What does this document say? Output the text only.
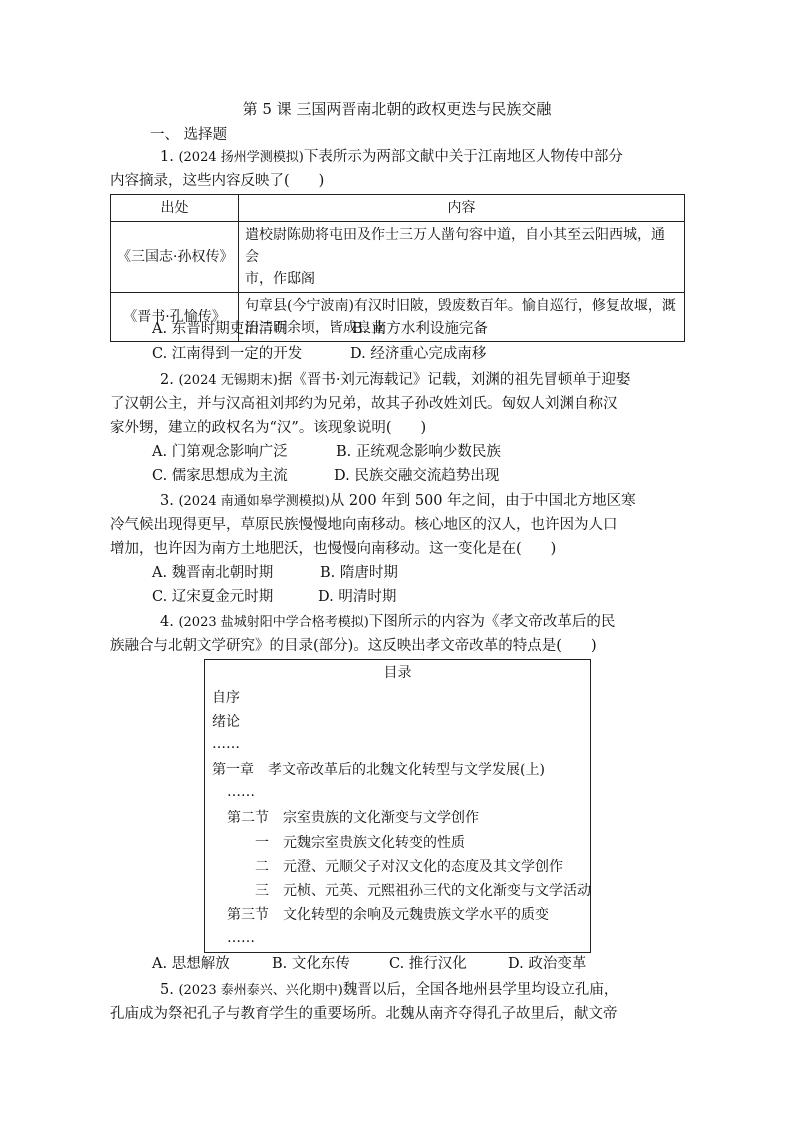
第 5 课 三国两晋南北朝的政权更迭与民族交融
一、 选择题
1. (2024 扬州学测模拟)下表所示为两部文献中关于江南地区人物传中部分
内容摘录，这些内容反映了(　　)
出处	内容
《三国志·孙权传》	遣校尉陈勋将屯田及作士三万人凿句容中道，自小其至云阳西城，通会
市，作邸阁

《晋书·孔愉传》	句章县(今宁波南)有汉时旧陂，毁废数百年。愉自巡行，修复故堰，溉
田二百余顷，皆成良业
A. 东晋时期吏治清明	B. 南方水利设施完备
C. 江南得到一定的开发	D. 经济重心完成南移
2. (2024 无锡期末)据《晋书·刘元海载记》记载，刘渊的祖先冒顿单于迎娶
了汉朝公主，并与汉高祖刘邦约为兄弟，故其子孙改姓刘氏。匈奴人刘渊自称汉
家外甥，建立的政权名为“汉”。该现象说明(　　)
A. 门第观念影响广泛	B. 正统观念影响少数民族
C. 儒家思想成为主流	D. 民族交融交流趋势出现
3. (2024 南通如皋学测模拟)从 200 年到 500 年之间，由于中国北方地区寒
冷气候出现得更早，草原民族慢慢地向南移动。核心地区的汉人，也许因为人口
增加，也许因为南方土地肥沃，也慢慢向南移动。这一变化是在(　　)
A. 魏晋南北朝时期	B. 隋唐时期
C. 辽宋夏金元时期	D. 明清时期
4. (2023 盐城射阳中学合格考模拟)下图所示的内容为《孝文帝改革后的民
族融合与北朝文学研究》的目录(部分)。这反映出孝文帝改革的特点是(　　)
目录
自序
绪论
……
第一章　孝文帝改革后的北魏文化转型与文学发展(上)
……
第二节　宗室贵族的文化渐变与文学创作
一　元魏宗室贵族文化转变的性质
二　元澄、元顺父子对汉文化的态度及其文学创作
三　元桢、元英、元熙祖孙三代的文化渐变与文学活动
第三节　文化转型的余响及元魏贵族文学水平的质变
……
A. 思想解放	B. 文化东传	C. 推行汉化	D. 政治变革
5. (2023 泰州泰兴、兴化期中)魏晋以后，全国各地州县学里均设立孔庙，
孔庙成为祭祀孔子与教育学生的重要场所。北魏从南齐夺得孔子故里后，献文帝
